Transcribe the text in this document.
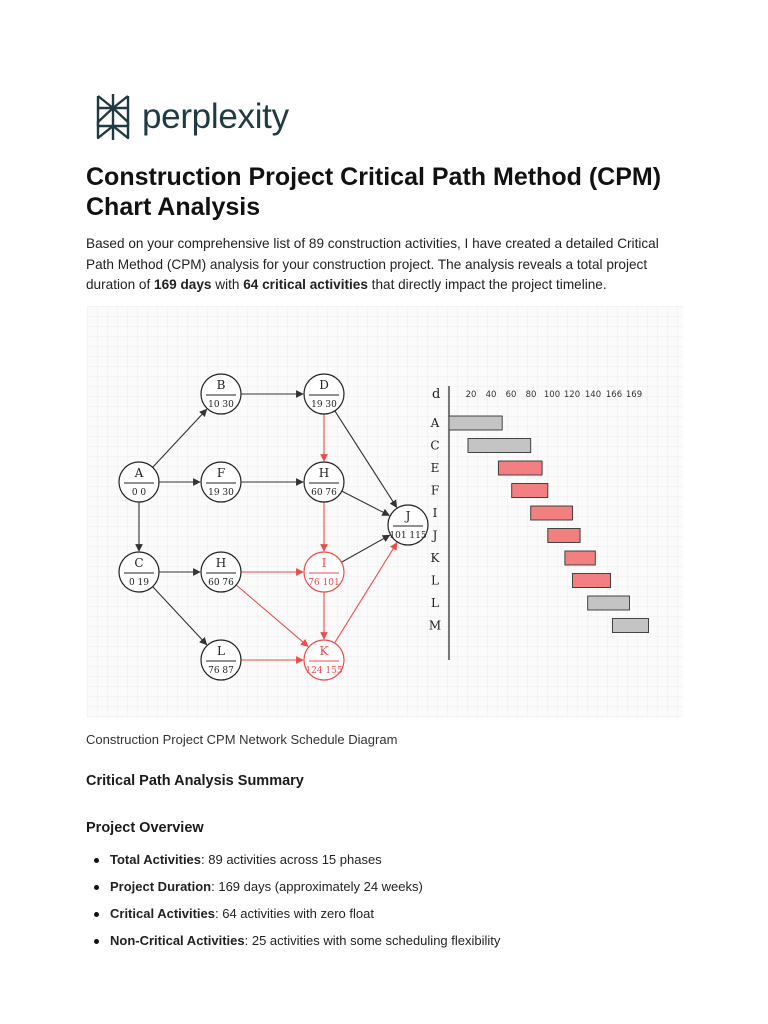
perplexity
Construction Project Critical Path Method (CPM) Chart Analysis

Based on your comprehensive list of 89 construction activities, I have created a detailed Critical Path Method (CPM) analysis for your construction project. The analysis reveals a total project duration of 169 days with 64 critical activities that directly impact the project timeline.

A
0 0
B
10 30
D
19 30
F
19 30
H
60 76
C
0 19
H
60 76
I
76 101
J
101 115
L
76 87
K
124 155
d	20 40 60 80 100 120 140 166 169
A
C
E
F
I
J
K
L
L
M

Construction Project CPM Network Schedule Diagram

Critical Path Analysis Summary
Project Overview
Total Activities: 89 activities across 15 phases
Project Duration: 169 days (approximately 24 weeks)
Critical Activities: 64 activities with zero float
Non-Critical Activities: 25 activities with some scheduling flexibility
